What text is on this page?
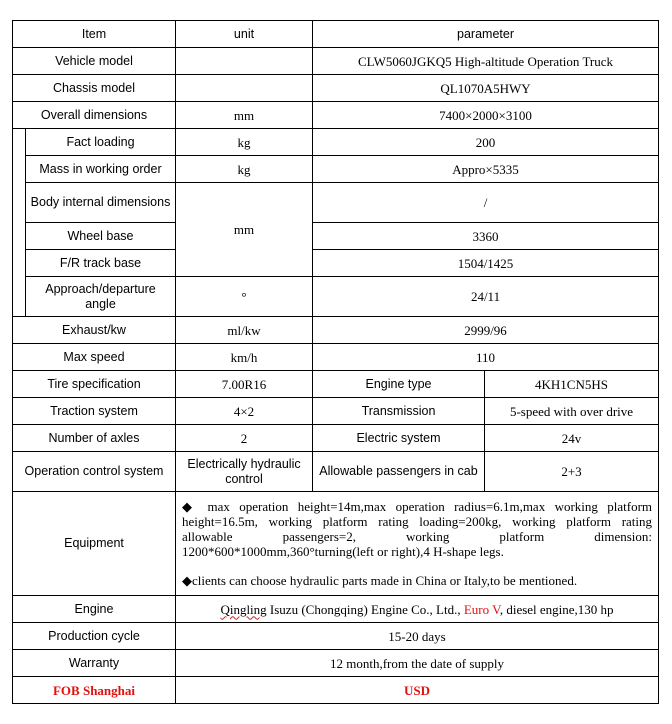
Item		unit	parameter	
Vehicle model			CLW5060JGKQ5 High-altitude Operation Truck	
Chassis model			QL1070A5HWY	
Overall dimensions		mm	7400×2000×3100	
	Fact loading	kg	200	
	Mass in working order	kg	Appro×5335	
	Body internal dimensions	mm	/	
	Wheel base		3360	
	F/R track base		1504/1425	
	Approach/departure angle	°	24/11	
Exhaust/kw		ml/kw	2999/96	
Max speed		km/h	110	
Tire specification		7.00R16	Engine type	4KH1CN5HS
Traction system		4×2	Transmission	5-speed with over drive
Number of axles		2	Electric system	24v
Operation control system		Electrically hydraulic control	Allowable passengers in cab	2+3
Equipment		◆ max operation height=14m,max operation radius=6.1m,max working platform height=16.5m, working platform rating loading=200kg, working platform rating allowable passengers=2, working platform dimension: 1200*600*1000mm,360°turning(left or right),4 H-shape legs.

◆clients can choose hydraulic parts made in China or Italy,to be mentioned.		

Engine		Qingling Isuzu (Chongqing) Engine Co., Ltd., Euro V, diesel engine,130 hp		
Production cycle		15-20 days		
Warranty		12 month,from the date of supply		
FOB Shanghai		USD		
